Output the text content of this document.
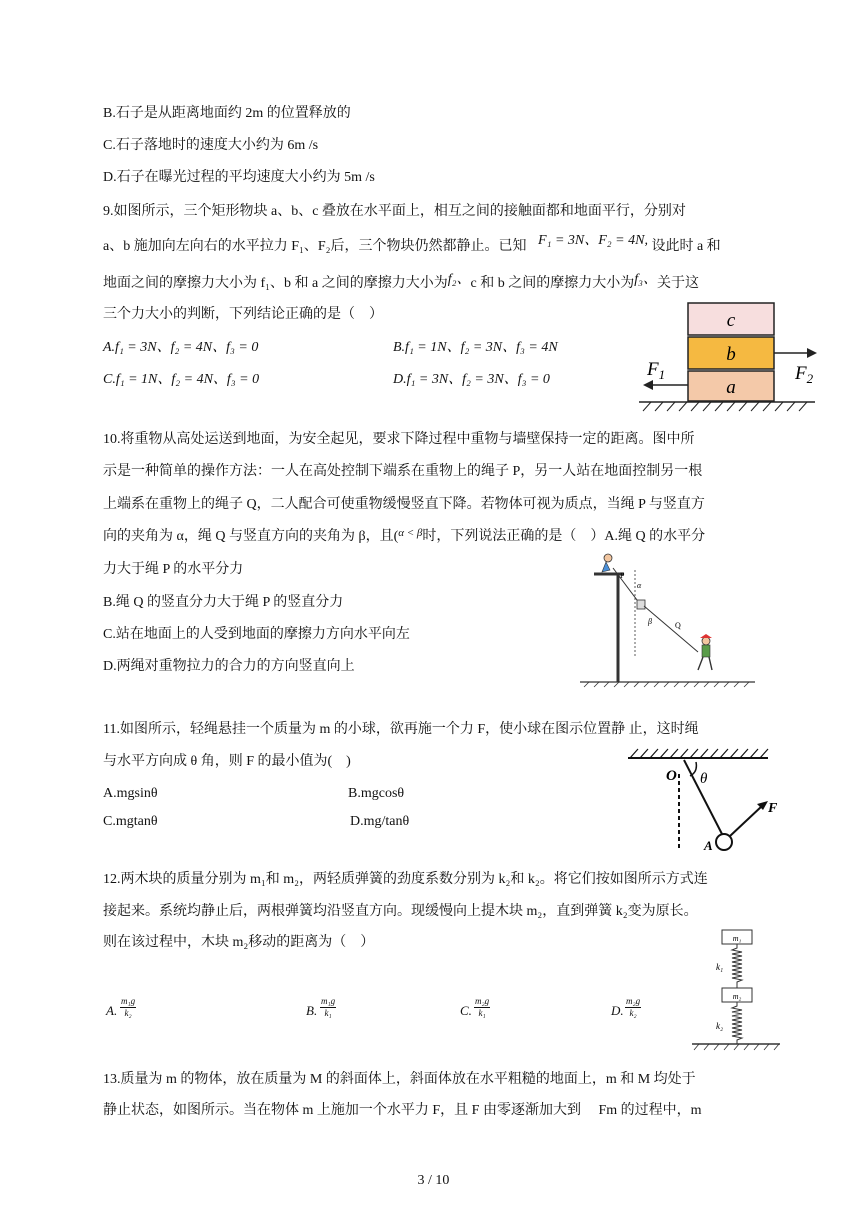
B.石子是从距离地面约 2m 的位置释放的
C.石子落地时的速度大小约为 6m /s
D.石子在曝光过程的平均速度大小约为 5m /s
9.如图所示，三个矩形物块 a、b、c 叠放在水平面上，相互之间的接触面都和地面平行，分别对
a、b 施加向左向右的水平拉力 F₁、F₂后，三个物块仍然都静止。已知 F₁ = 3N、F₂ = 4N, 设此时 a 和
地面之间的摩擦力大小为 f₁、b 和 a 之间的摩擦力大小为f₂、c 和 b 之间的摩擦力大小为f₃、关于这
三个力大小的判断，下列结论正确的是（　）
A.f₁ = 3N、f₂ = 4N、f₃ = 0	B.f₁ = 1N、f₂ = 3N、f₃ = 4N
C.f₁ = 1N、f₂ = 4N、f₃ = 0	D.f₁ = 3N、f₂ = 3N、f₃ = 0
c
b
a
$F_1$	$F_2$
10.将重物从高处运送到地面，为安全起见，要求下降过程中重物与墙壁保持一定的距离。图中所
示是一种简单的操作方法：一人在高处控制下端系在重物上的绳子 P，另一人站在地面控制另一根
上端系在重物上的绳子 Q，二人配合可使重物缓慢竖直下降。若物体可视为质点，当绳 P 与竖直方
向的夹角为 α，绳 Q 与竖直方向的夹角为 β，且($^{\alpha < \beta}$时，下列说法正确的是（　）A.绳 Q 的水平分
力大于绳 P 的水平分力
B.绳 Q 的竖直分力大于绳 P 的竖直分力
C.站在地面上的人受到地面的摩擦力方向水平向左
D.两绳对重物拉力的合力的方向竖直向上
P
α
β	Q
11.如图所示，轻绳悬挂一个质量为 m 的小球，欲再施一个力 F，使小球在图示位置静 止，这时绳
与水平方向成 θ 角，则 F 的最小值为(　)
A.mgsinθ	B.mgcosθ
C.mgtanθ	D.mg/tanθ
O θ
A
F
12.两木块的质量分别为 m₁和 m₂，两轻质弹簧的劲度系数分别为 k₂和 k₂。将它们按如图所示方式连
接起来。系统均静止后，两根弹簧均沿竖直方向。现缓慢向上提木块 m₂，直到弹簧 k₂变为原长。
则在该过程中，木块 m₂移动的距离为（　）
A. $\frac{\text{m₁g}}{\text{k₂}}$	B. $\frac{\text{m₁g}}{\text{k₁}}$	C. $\frac{\text{m₂g}}{\text{k₁}}$	D. $\frac{\text{m₂g}}{\text{k₂}}$
m₁
k₁
m₂
k₂
13.质量为 m 的物体，放在质量为 M 的斜面体上，斜面体放在水平粗糙的地面上，m 和 M 均处于
静止状态，如图所示。当在物体 m 上施加一个水平力 F，且 F 由零逐渐加大到　 Fm 的过程中，m
3 / 10
